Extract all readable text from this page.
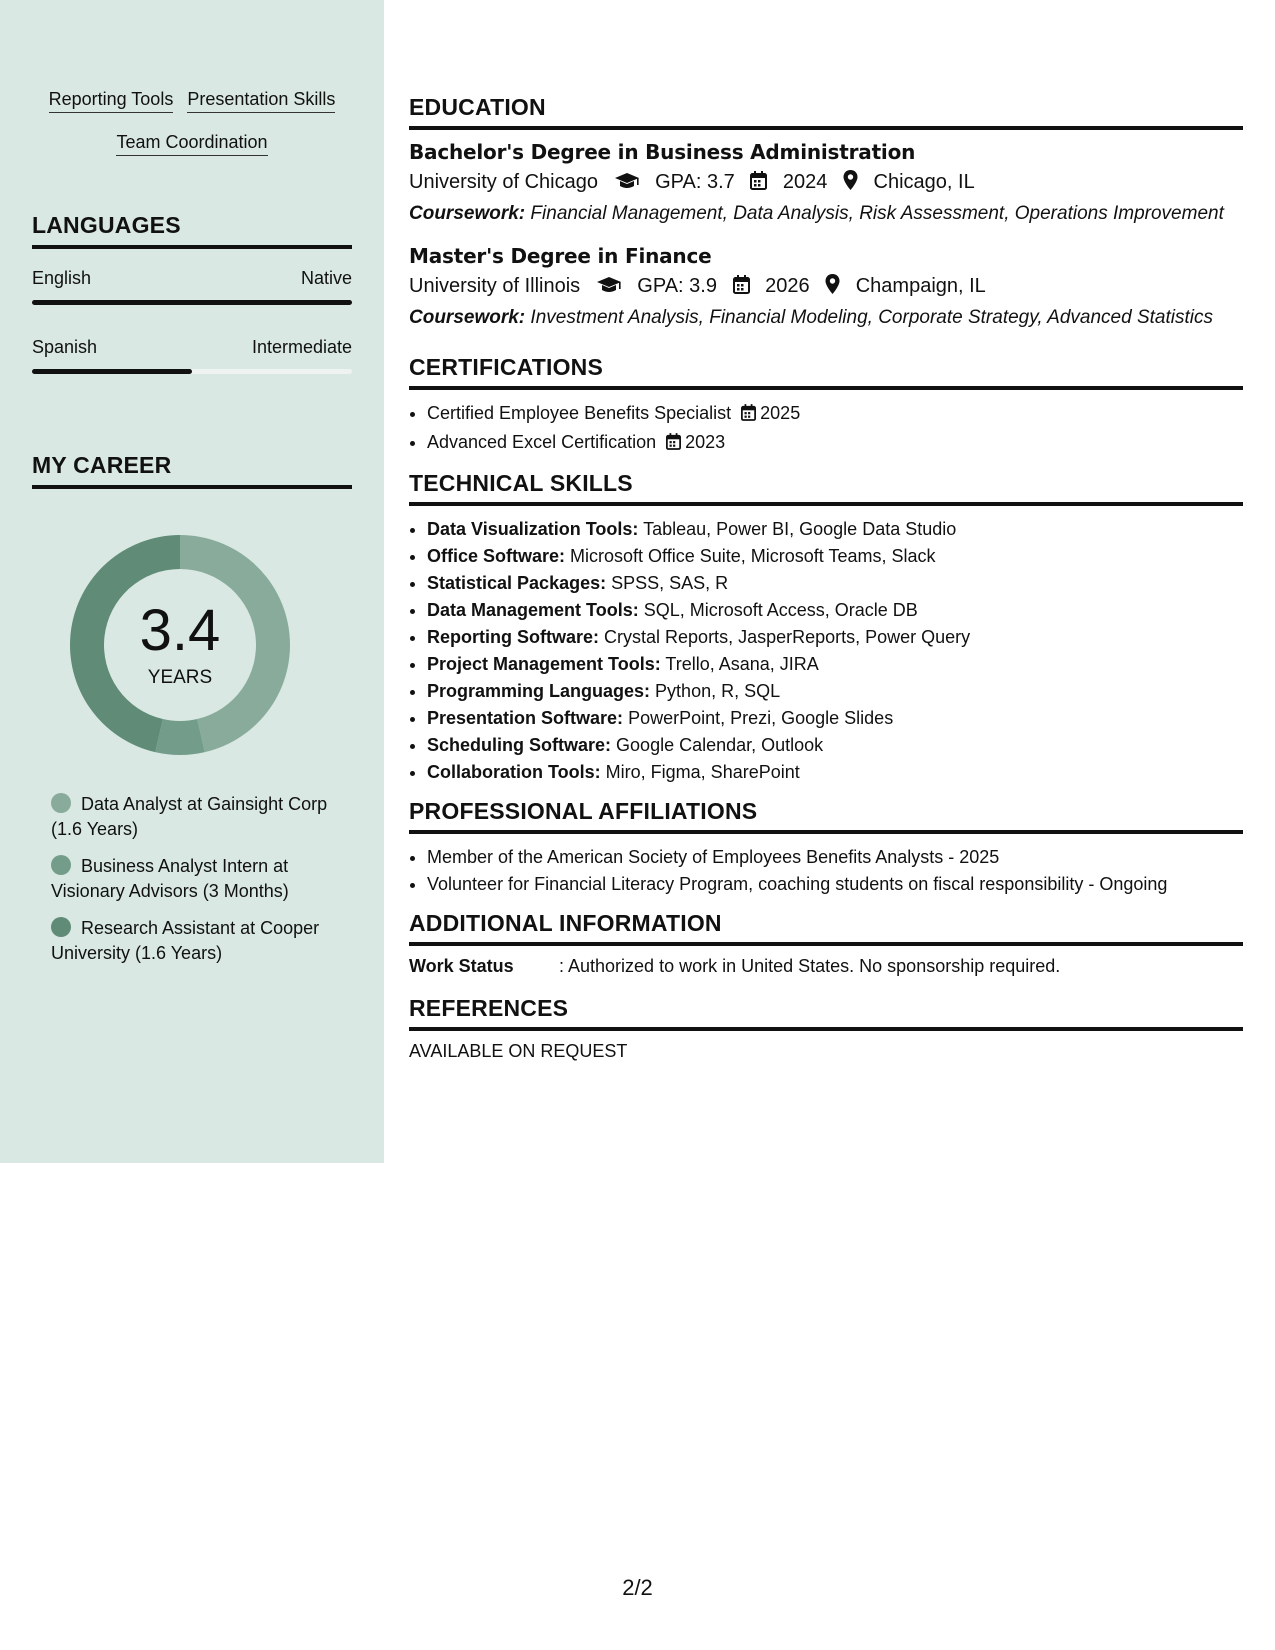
Reporting Tools Presentation Skills
Team Coordination
LANGUAGES
English	Native
Spanish	Intermediate
MY CAREER
3.4
YEARS
Data Analyst at Gainsight Corp (1.6 Years)
Business Analyst Intern at Visionary Advisors (3 Months)
Research Assistant at Cooper University (1.6 Years)
EDUCATION
Bachelor's Degree in Business Administration
University of Chicago	GPA: 3.7 2024 Chicago, IL
Coursework: Financial Management, Data Analysis, Risk Assessment, Operations Improvement
Master's Degree in Finance
University of Illinois	GPA: 3.9 2026 Champaign, IL
Coursework: Investment Analysis, Financial Modeling, Corporate Strategy, Advanced Statistics
CERTIFICATIONS
• Certified Employee Benefits Specialist 2025
• Advanced Excel Certification 2023
TECHNICAL SKILLS
• Data Visualization Tools: Tableau, Power BI, Google Data Studio
• Office Software: Microsoft Office Suite, Microsoft Teams, Slack
• Statistical Packages: SPSS, SAS, R
• Data Management Tools: SQL, Microsoft Access, Oracle DB
• Reporting Software: Crystal Reports, JasperReports, Power Query
• Project Management Tools: Trello, Asana, JIRA
• Programming Languages: Python, R, SQL
• Presentation Software: PowerPoint, Prezi, Google Slides
• Scheduling Software: Google Calendar, Outlook
• Collaboration Tools: Miro, Figma, SharePoint
PROFESSIONAL AFFILIATIONS
• Member of the American Society of Employees Benefits Analysts - 2025
• Volunteer for Financial Literacy Program, coaching students on fiscal responsibility - Ongoing
ADDITIONAL INFORMATION
Work Status	: Authorized to work in United States. No sponsorship required.
REFERENCES
AVAILABLE ON REQUEST
2/2
